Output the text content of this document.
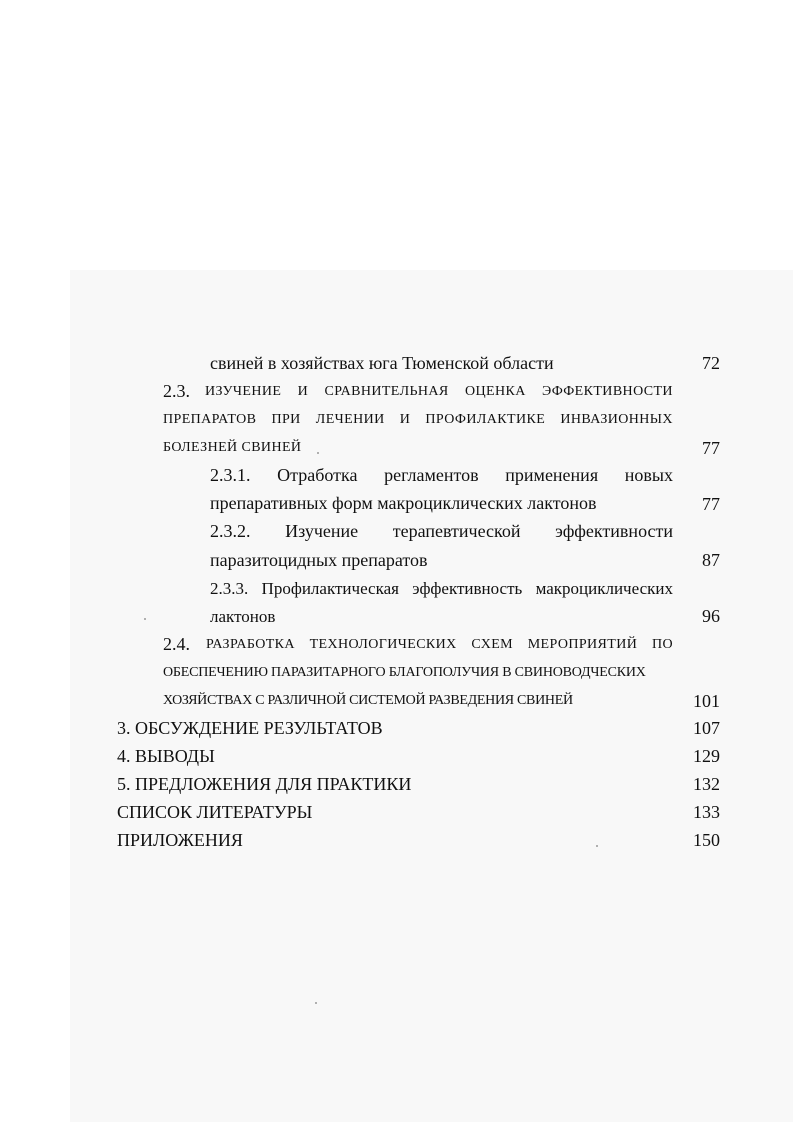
свиней в хозяйствах юга Тюменской области	72
2.3. ИЗУЧЕНИЕ И СРАВНИТЕЛЬНАЯ ОЦЕНКА ЭФФЕКТИВНОСТИ
ПРЕПАРАТОВ ПРИ ЛЕЧЕНИИ И ПРОФИЛАКТИКЕ ИНВАЗИОННЫХ
БОЛЕЗНЕЙ СВИНЕЙ	77
2.3.1. Отработка регламентов применения новых
препаративных форм макроциклических лактонов	77
2.3.2. Изучение терапевтической эффективности
паразитоцидных препаратов	87
2.3.3. Профилактическая эффективность макроциклических
лактонов	96
2.4. РАЗРАБОТКА ТЕХНОЛОГИЧЕСКИХ СХЕМ МЕРОПРИЯТИЙ ПО
ОБЕСПЕЧЕНИЮ ПАРАЗИТАРНОГО БЛАГОПОЛУЧИЯ В СВИНОВОДЧЕСКИХ
ХОЗЯЙСТВАХ С РАЗЛИЧНОЙ СИСТЕМОЙ РАЗВЕДЕНИЯ СВИНЕЙ	101
3. ОБСУЖДЕНИЕ РЕЗУЛЬТАТОВ	107
4. ВЫВОДЫ	129
5. ПРЕДЛОЖЕНИЯ ДЛЯ ПРАКТИКИ	132
СПИСОК ЛИТЕРАТУРЫ	133
ПРИЛОЖЕНИЯ	150
